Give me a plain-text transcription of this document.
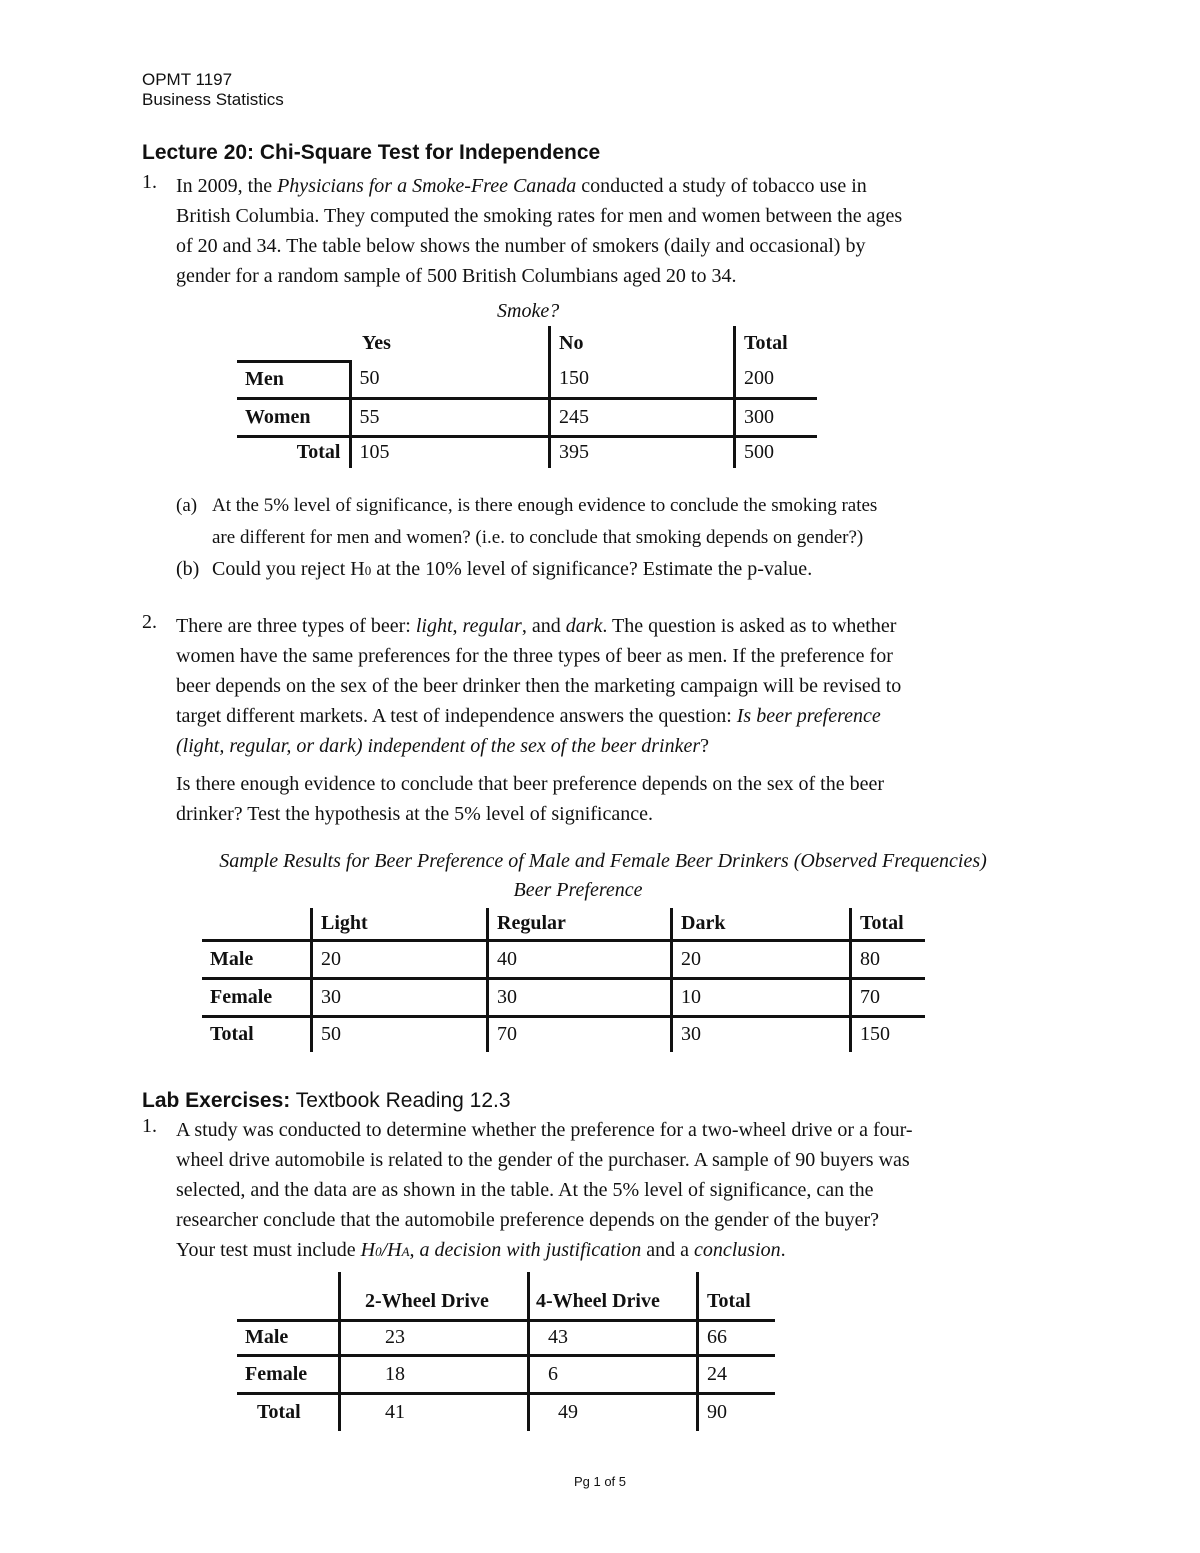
OPMT 1197
Business Statistics
Lecture 20: Chi-Square Test for Independence
1. In 2009, the Physicians for a Smoke-Free Canada conducted a study of tobacco use in
British Columbia. They computed the smoking rates for men and women between the ages
of 20 and 34. The table below shows the number of smokers (daily and occasional) by
gender for a random sample of 500 British Columbians aged 20 to 34.
Smoke?
	Yes	No	Total
Men	50	150	200
Women	55	245	300
Total	105	395	500
(a) At the 5% level of significance, is there enough evidence to conclude the smoking rates
are different for men and women? (i.e. to conclude that smoking depends on gender?)
(b) Could you reject H0 at the 10% level of significance? Estimate the p-value.
2. There are three types of beer: light, regular, and dark. The question is asked as to whether
women have the same preferences for the three types of beer as men. If the preference for
beer depends on the sex of the beer drinker then the marketing campaign will be revised to
target different markets. A test of independence answers the question: Is beer preference
(light, regular, or dark) independent of the sex of the beer drinker?
Is there enough evidence to conclude that beer preference depends on the sex of the beer
drinker? Test the hypothesis at the 5% level of significance.
Sample Results for Beer Preference of Male and Female Beer Drinkers (Observed Frequencies)
Beer Preference
	Light	Regular	Dark	Total
Male	20	40	20	80
Female	30	30	10	70
Total	50	70	30	150
Lab Exercises: Textbook Reading 12.3
1. A study was conducted to determine whether the preference for a two-wheel drive or a four-
wheel drive automobile is related to the gender of the purchaser. A sample of 90 buyers was
selected, and the data are as shown in the table. At the 5% level of significance, can the
researcher conclude that the automobile preference depends on the gender of the buyer?
Your test must include H0/HA, a decision with justification and a conclusion.
	2-Wheel Drive	4-Wheel Drive	Total
Male	23	43	66
Female	18	6	24
Total	41	49	90
Pg 1 of 5
